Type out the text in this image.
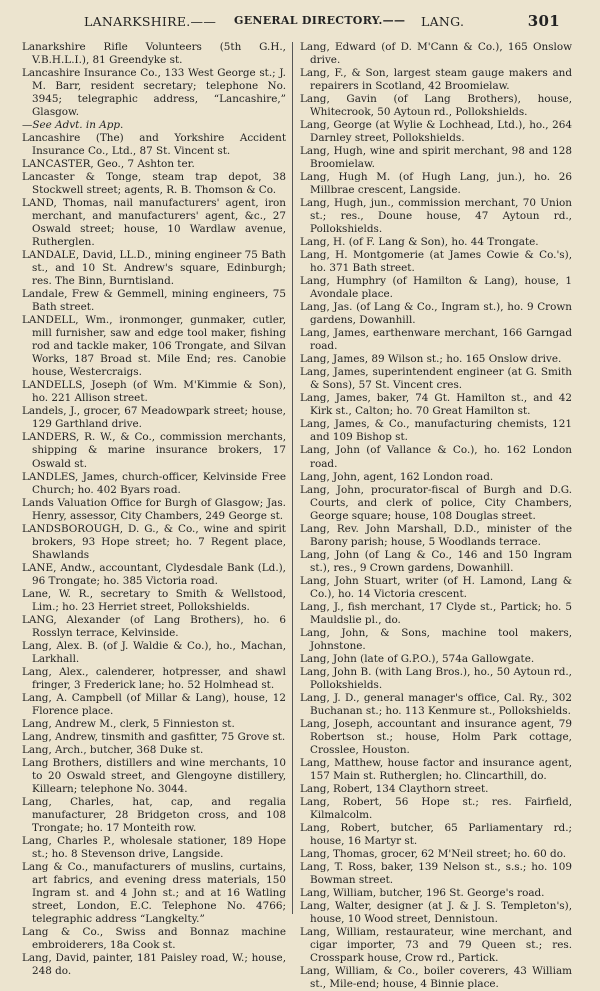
LANARKSHIRE.—— GENERAL DIRECTORY.—— LANG.	301

Lanarkshire Rifle Volunteers (5th G.H., V.B.H.L.I.), 81 Greendyke st.

Lancashire Insurance Co., 133 West George st.; J. M. Barr, resident secretary; telephone No. 3945; telegraphic address, “Lancashire,” Glasgow.

—See Advt. in App.

Lancashire (The) and Yorkshire Accident Insurance Co., Ltd., 87 St. Vincent st.

LANCASTER, Geo., 7 Ashton ter.

Lancaster & Tonge, steam trap depot, 38 Stockwell street; agents, R. B. Thomson & Co.

LAND, Thomas, nail manufacturers' agent, iron merchant, and manufacturers' agent, &c., 27 Oswald street; house, 10 Wardlaw avenue, Rutherglen.

LANDALE, David, LL.D., mining engineer 75 Bath st., and 10 St. Andrew's square, Edinburgh; res. The Binn, Burntisland.

Landale, Frew & Gemmell, mining engineers, 75 Bath street.

LANDELL, Wm., ironmonger, gunmaker, cutler, mill furnisher, saw and edge tool maker, fishing rod and tackle maker, 106 Trongate, and Silvan Works, 187 Broad st. Mile End; res. Canobie house, Westercraigs.

LANDELLS, Joseph (of Wm. M'Kimmie & Son), ho. 221 Allison street.

Landels, J., grocer, 67 Meadowpark street; house, 129 Garthland drive.

LANDERS, R. W., & Co., commission merchants, shipping & marine insurance brokers, 17 Oswald st.

LANDLES, James, church-officer, Kelvinside Free Church; ho. 402 Byars road.

Lands Valuation Office for Burgh of Glasgow; Jas. Henry, assessor, City Chambers, 249 George st.

LANDSBOROUGH, D. G., & Co., wine and spirit brokers, 93 Hope street; ho. 7 Regent place, Shawlands

LANE, Andw., accountant, Clydesdale Bank (Ld.), 96 Trongate; ho. 385 Victoria road.

Lane, W. R., secretary to Smith & Wellstood, Lim.; ho. 23 Herriet street, Pollokshields.

LANG, Alexander (of Lang Brothers), ho. 6 Rosslyn terrace, Kelvinside.

Lang, Alex. B. (of J. Waldie & Co.), ho., Machan, Larkhall.

Lang, Alex., calenderer, hotpresser, and shawl fringer, 3 Frederick lane; ho. 52 Holmhead st.

Lang, A. Campbell (of Millar & Lang), house, 12 Florence place.

Lang, Andrew M., clerk, 5 Finnieston st.

Lang, Andrew, tinsmith and gasfitter, 75 Grove st.

Lang, Arch., butcher, 368 Duke st.

Lang Brothers, distillers and wine merchants, 10 to 20 Oswald street, and Glengoyne distillery, Killearn; telephone No. 3044.

Lang, Charles, hat, cap, and regalia manufacturer, 28 Bridgeton cross, and 108 Trongate; ho. 17 Monteith row.

Lang, Charles P., wholesale stationer, 189 Hope st.; ho. 8 Stevenson drive, Langside.

Lang & Co., manufacturers of muslins, curtains, art fabrics, and evening dress materials, 150 Ingram st. and 4 John st.; and at 16 Watling street, London, E.C. Telephone No. 4766; telegraphic address “Langkelty.”

Lang & Co., Swiss and Bonnaz machine embroiderers, 18a Cook st.

Lang, David, painter, 181 Paisley road, W.; house, 248 do.

Lang, Edward (of D. M'Cann & Co.), 165 Onslow drive.

Lang, F., & Son, largest steam gauge makers and repairers in Scotland, 42 Broomielaw.

Lang, Gavin (of Lang Brothers), house, Whitecrook, 50 Aytoun rd., Pollokshields.

Lang, George (at Wylie & Lochhead, Ltd.), ho., 264 Darnley street, Pollokshields.

Lang, Hugh, wine and spirit merchant, 98 and 128 Broomielaw.

Lang, Hugh M. (of Hugh Lang, jun.), ho. 26 Millbrae crescent, Langside.

Lang, Hugh, jun., commission merchant, 70 Union st.; res., Doune house, 47 Aytoun rd., Pollokshields.

Lang, H. (of F. Lang & Son), ho. 44 Trongate.

Lang, H. Montgomerie (at James Cowie & Co.'s), ho. 371 Bath street.

Lang, Humphry (of Hamilton & Lang), house, 1 Avondale place.

Lang, Jas. (of Lang & Co., Ingram st.), ho. 9 Crown gardens, Dowanhill.

Lang, James, earthenware merchant, 166 Garngad road.

Lang, James, 89 Wilson st.; ho. 165 Onslow drive.

Lang, James, superintendent engineer (at G. Smith & Sons), 57 St. Vincent cres.

Lang, James, baker, 74 Gt. Hamilton st., and 42 Kirk st., Calton; ho. 70 Great Hamilton st.

Lang, James, & Co., manufacturing chemists, 121 and 109 Bishop st.

Lang, John (of Vallance & Co.), ho. 162 London road.

Lang, John, agent, 162 London road.

Lang, John, procurator-fiscal of Burgh and D.G. Courts, and clerk of police, City Chambers, George square; house, 108 Douglas street.

Lang, Rev. John Marshall, D.D., minister of the Barony parish; house, 5 Woodlands terrace.

Lang, John (of Lang & Co., 146 and 150 Ingram st.), res., 9 Crown gardens, Dowanhill.

Lang, John Stuart, writer (of H. Lamond, Lang & Co.), ho. 14 Victoria crescent.

Lang, J., fish merchant, 17 Clyde st., Partick; ho. 5 Mauldslie pl., do.

Lang, John, & Sons, machine tool makers, Johnstone.

Lang, John (late of G.P.O.), 574a Gallowgate.

Lang, John B. (with Lang Bros.), ho., 50 Aytoun rd., Pollokshields.

Lang, J. D., general manager's office, Cal. Ry., 302 Buchanan st.; ho. 113 Kenmure st., Pollokshields.

Lang, Joseph, accountant and insurance agent, 79 Robertson st.; house, Holm Park cottage, Crosslee, Houston.

Lang, Matthew, house factor and insurance agent, 157 Main st. Rutherglen; ho. Clincarthill, do.

Lang, Robert, 134 Claythorn street.

Lang, Robert, 56 Hope st.; res. Fairfield, Kilmalcolm.

Lang, Robert, butcher, 65 Parliamentary rd.; house, 16 Martyr st.

Lang, Thomas, grocer, 62 M'Neil street; ho. 60 do.

Lang, T. Ross, baker, 139 Nelson st., s.s.; ho. 109 Bowman street.

Lang, William, butcher, 196 St. George's road.

Lang, Walter, designer (at J. & J. S. Templeton's), house, 10 Wood street, Dennistoun.

Lang, William, restaurateur, wine merchant, and cigar importer, 73 and 79 Queen st.; res. Crosspark house, Crow rd., Partick.

Lang, William, & Co., boiler coverers, 43 William st., Mile-end; house, 4 Binnie place.
